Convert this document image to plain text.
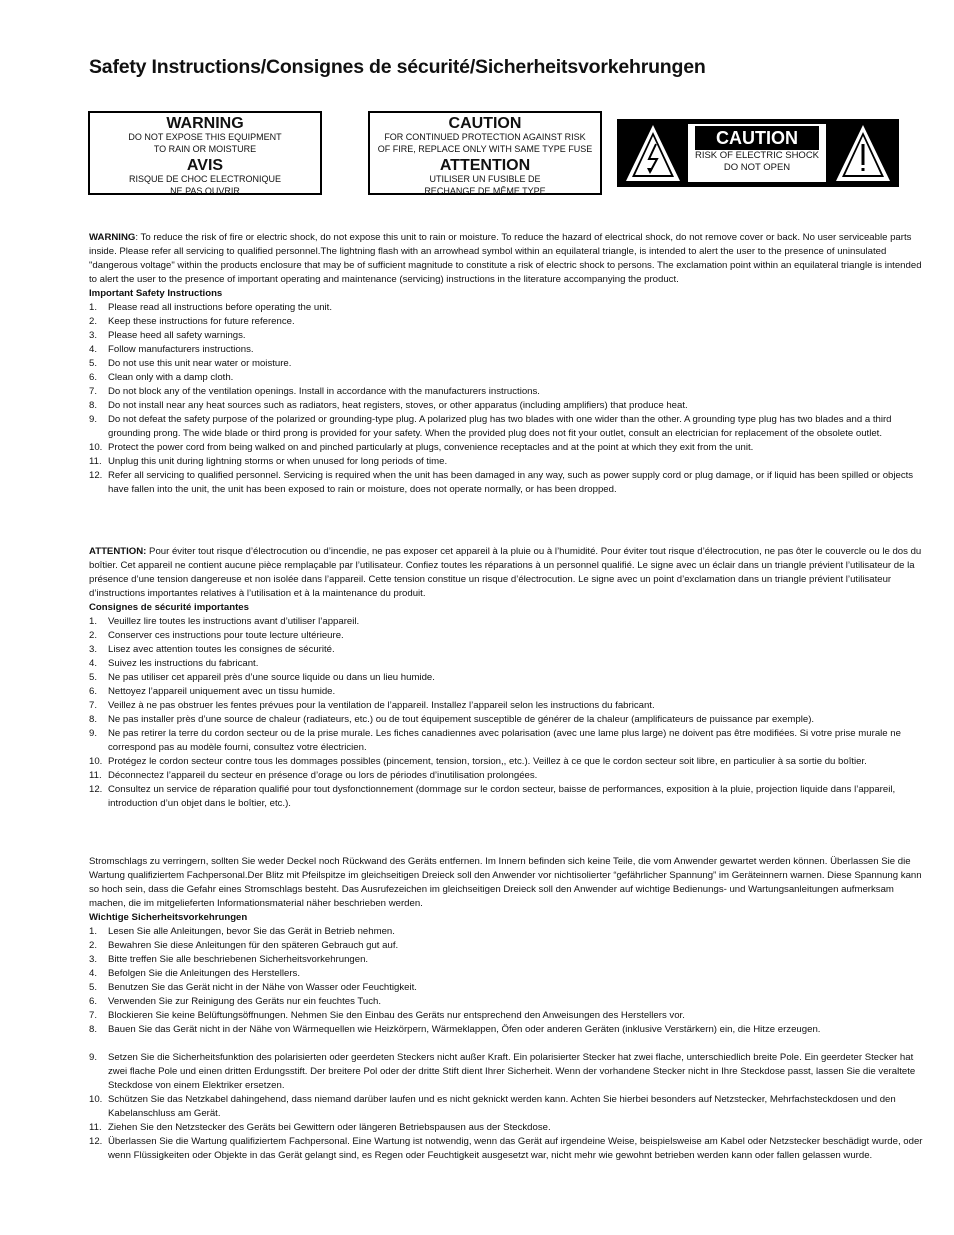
Safety Instructions/Consignes de sécurité/Sicherheitsvorkehrungen
WARNING
DO NOT EXPOSE THIS EQUIPMENT
TO RAIN OR MOISTURE
AVIS
RISQUE DE CHOC ELECTRONIQUE
NE PAS OUVRIR
CAUTION
FOR CONTINUED PROTECTION AGAINST RISK
OF FIRE, REPLACE ONLY WITH SAME TYPE FUSE
ATTENTION
UTILISER UN FUSIBLE DE
RECHANGE DE MÊME TYPE
CAUTION
RISK OF ELECTRIC SHOCK
DO NOT OPEN

WARNING: To reduce the risk of fire or electric shock, do not expose this unit to rain or moisture. To reduce the hazard of electrical shock, do not remove cover or back. No user serviceable parts inside. Please refer all servicing to qualified personnel.The lightning flash with an arrowhead symbol within an equilateral triangle, is intended to alert the user to the presence of uninsulated "dangerous voltage" within the products enclosure that may be of sufficient magnitude to constitute a risk of electric shock to persons. The exclamation point within an equilateral triangle is intended to alert the user to the presence of important operating and maintenance (servicing) instructions in the literature accompanying the product.

Important Safety Instructions

1. Please read all instructions before operating the unit.
2. Keep these instructions for future reference.
3. Please heed all safety warnings.
4. Follow manufacturers instructions.
5. Do not use this unit near water or moisture.
6. Clean only with a damp cloth.
7. Do not block any of the ventilation openings. Install in accordance with the manufacturers instructions.
8. Do not install near any heat sources such as radiators, heat registers, stoves, or other apparatus (including amplifiers) that produce heat.
9. Do not defeat the safety purpose of the polarized or grounding-type plug. A polarized plug has two blades with one wider than the other. A grounding type plug has two blades and a third grounding prong. The wide blade or third prong is provided for your safety. When the provided plug does not fit your outlet, consult an electrician for replacement of the obsolete outlet.
10. Protect the power cord from being walked on and pinched particularly at plugs, convenience receptacles and at the point at which they exit from the unit.
11. Unplug this unit during lightning storms or when unused for long periods of time.
12. Refer all servicing to qualified personnel. Servicing is required when the unit has been damaged in any way, such as power supply cord or plug damage, or if liquid has been spilled or objects have fallen into the unit, the unit has been exposed to rain or moisture, does not operate normally, or has been dropped.

ATTENTION: Pour éviter tout risque d’électrocution ou d’incendie, ne pas exposer cet appareil à la pluie ou à l’humidité. Pour éviter tout risque d’électrocution, ne pas ôter le couvercle ou le dos du boîtier. Cet appareil ne contient aucune pièce remplaçable par l’utilisateur. Confiez toutes les réparations à un personnel qualifié. Le signe avec un éclair dans un triangle prévient l’utilisateur de la présence d’une tension dangereuse et non isolée dans l’appareil. Cette tension constitue un risque d’électrocution. Le signe avec un point d’exclamation dans un triangle prévient l’utilisateur d’instructions importantes relatives à l’utilisation et à la maintenance du produit.

Consignes de sécurité importantes

1. Veuillez lire toutes les instructions avant d’utiliser l’appareil.
2. Conserver ces instructions pour toute lecture ultérieure.
3. Lisez avec attention toutes les consignes de sécurité.
4. Suivez les instructions du fabricant.
5. Ne pas utiliser cet appareil près d’une source liquide ou dans un lieu humide.
6. Nettoyez l’appareil uniquement avec un tissu humide.
7. Veillez à ne pas obstruer les fentes prévues pour la ventilation de l’appareil. Installez l’appareil selon les instructions du fabricant.
8. Ne pas installer près d’une source de chaleur (radiateurs, etc.) ou de tout équipement susceptible de générer de la chaleur (amplificateurs de puissance par exemple).
9. Ne pas retirer la terre du cordon secteur ou de la prise murale. Les fiches canadiennes avec polarisation (avec une lame plus large) ne doivent pas être modifiées. Si votre prise murale ne correspond pas au modèle fourni, consultez votre électricien.
10. Protégez le cordon secteur contre tous les dommages possibles (pincement, tension, torsion,, etc.). Veillez à ce que le cordon secteur soit libre, en particulier à sa sortie du boîtier.
11. Déconnectez l’appareil du secteur en présence d’orage ou lors de périodes d’inutilisation prolongées.
12. Consultez un service de réparation qualifié pour tout dysfonctionnement (dommage sur le cordon secteur, baisse de performances, exposition à la pluie, projection liquide dans l’appareil, introduction d’un objet dans le boîtier, etc.).

Stromschlags zu verringern, sollten Sie weder Deckel noch Rückwand des Geräts entfernen. Im Innern befinden sich keine Teile, die vom Anwender gewartet werden können. Überlassen Sie die Wartung qualifiziertem Fachpersonal.Der Blitz mit Pfeilspitze im gleichseitigen Dreieck soll den Anwender vor nichtisolierter “gefährlicher Spannung” im Geräteinnern warnen. Diese Spannung kann so hoch sein, dass die Gefahr eines Stromschlags besteht. Das Ausrufezeichen im gleichseitigen Dreieck soll den Anwender auf wichtige Bedienungs- und Wartungsanleitungen aufmerksam machen, die im mitgelieferten Informationsmaterial näher beschrieben werden.

Wichtige Sicherheitsvorkehrungen

1. Lesen Sie alle Anleitungen, bevor Sie das Gerät in Betrieb nehmen.
2. Bewahren Sie diese Anleitungen für den späteren Gebrauch gut auf.
3. Bitte treffen Sie alle beschriebenen Sicherheitsvorkehrungen.
4. Befolgen Sie die Anleitungen des Herstellers.
5. Benutzen Sie das Gerät nicht in der Nähe von Wasser oder Feuchtigkeit.
6. Verwenden Sie zur Reinigung des Geräts nur ein feuchtes Tuch.
7. Blockieren Sie keine Belüftungsöffnungen. Nehmen Sie den Einbau des Geräts nur entsprechend den Anweisungen des Herstellers vor.
8. Bauen Sie das Gerät nicht in der Nähe von Wärmequellen wie Heizkörpern, Wärmeklappen, Öfen oder anderen Geräten (inklusive Verstärkern) ein, die Hitze erzeugen.
9. Setzen Sie die Sicherheitsfunktion des polarisierten oder geerdeten Steckers nicht außer Kraft. Ein polarisierter Stecker hat zwei flache, unterschiedlich breite Pole. Ein geerdeter Stecker hat zwei flache Pole und einen dritten Erdungsstift. Der breitere Pol oder der dritte Stift dient Ihrer Sicherheit. Wenn der vorhandene Stecker nicht in Ihre Steckdose passt, lassen Sie die veraltete Steckdose von einem Elektriker ersetzen.
10. Schützen Sie das Netzkabel dahingehend, dass niemand darüber laufen und es nicht geknickt werden kann. Achten Sie hierbei besonders auf Netzstecker, Mehrfachsteckdosen und den Kabelanschluss am Gerät.
11. Ziehen Sie den Netzstecker des Geräts bei Gewittern oder längeren Betriebspausen aus der Steckdose.
12. Überlassen Sie die Wartung qualifiziertem Fachpersonal. Eine Wartung ist notwendig, wenn das Gerät auf irgendeine Weise, beispielsweise am Kabel oder Netzstecker beschädigt wurde, oder wenn Flüssigkeiten oder Objekte in das Gerät gelangt sind, es Regen oder Feuchtigkeit ausgesetzt war, nicht mehr wie gewohnt betrieben werden kann oder fallen gelassen wurde.
